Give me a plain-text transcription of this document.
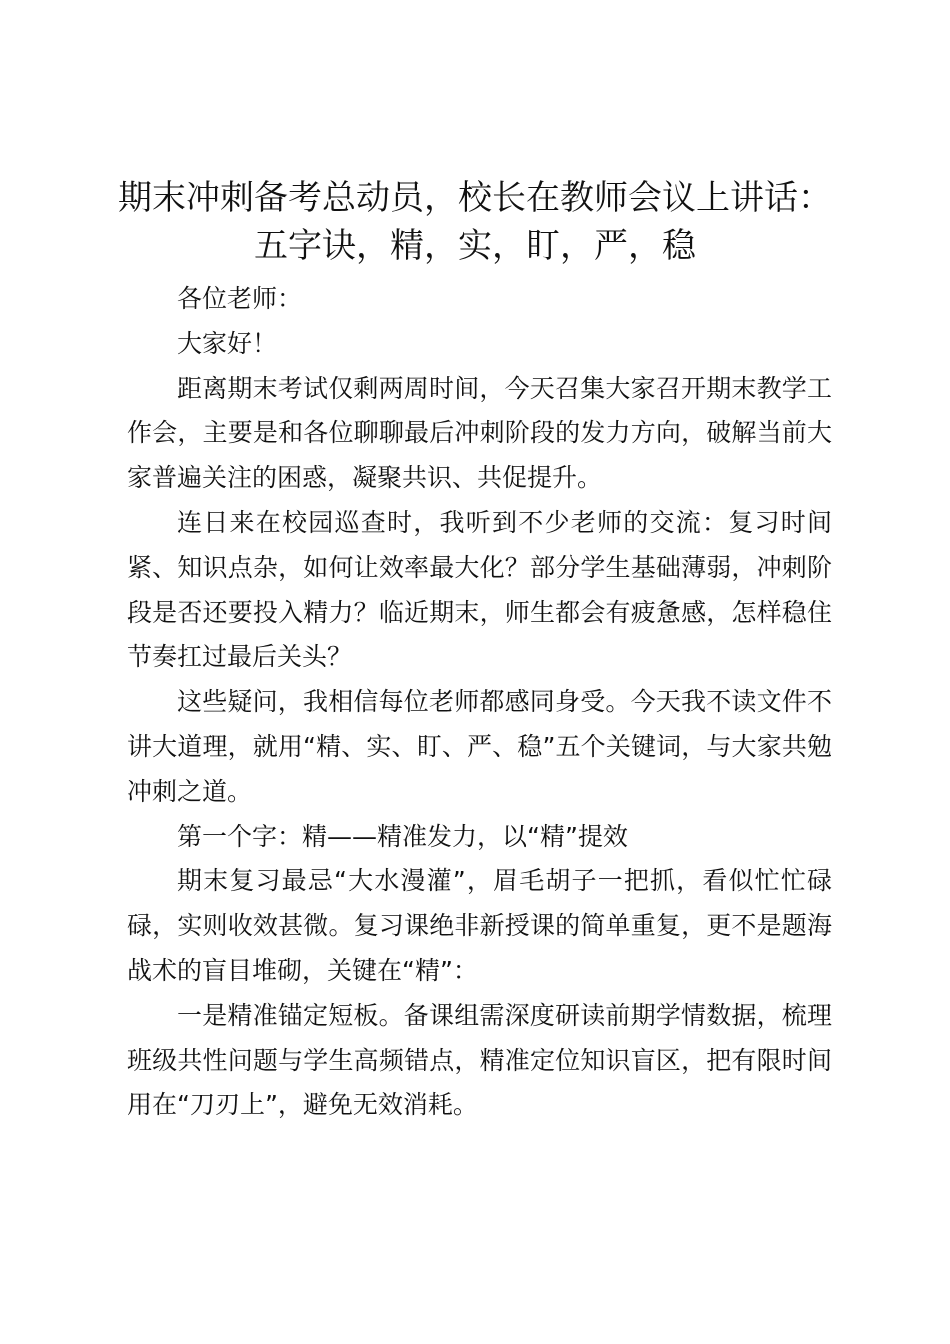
期末冲刺备考总动员，校长在教师会议上讲话：
五字诀，精，实，盯，严，稳

各位老师：

大家好！

距离期末考试仅剩两周时间，今天召集大家召开期末教学工作会，主要是和各位聊聊最后冲刺阶段的发力方向，破解当前大家普遍关注的困惑，凝聚共识、共促提升。

连日来在校园巡查时，我听到不少老师的交流：复习时间紧、知识点杂，如何让效率最大化？部分学生基础薄弱，冲刺阶段是否还要投入精力？临近期末，师生都会有疲惫感，怎样稳住节奏扛过最后关头？

这些疑问，我相信每位老师都感同身受。今天我不读文件不讲大道理，就用“精、实、盯、严、稳”五个关键词，与大家共勉冲刺之道。

第一个字：精——精准发力，以“精”提效

期末复习最忌“大水漫灌”，眉毛胡子一把抓，看似忙忙碌碌，实则收效甚微。复习课绝非新授课的简单重复，更不是题海战术的盲目堆砌，关键在“精”：

一是精准锚定短板。备课组需深度研读前期学情数据，梳理班级共性问题与学生高频错点，精准定位知识盲区，把有限时间用在“刀刃上”，避免无效消耗。
